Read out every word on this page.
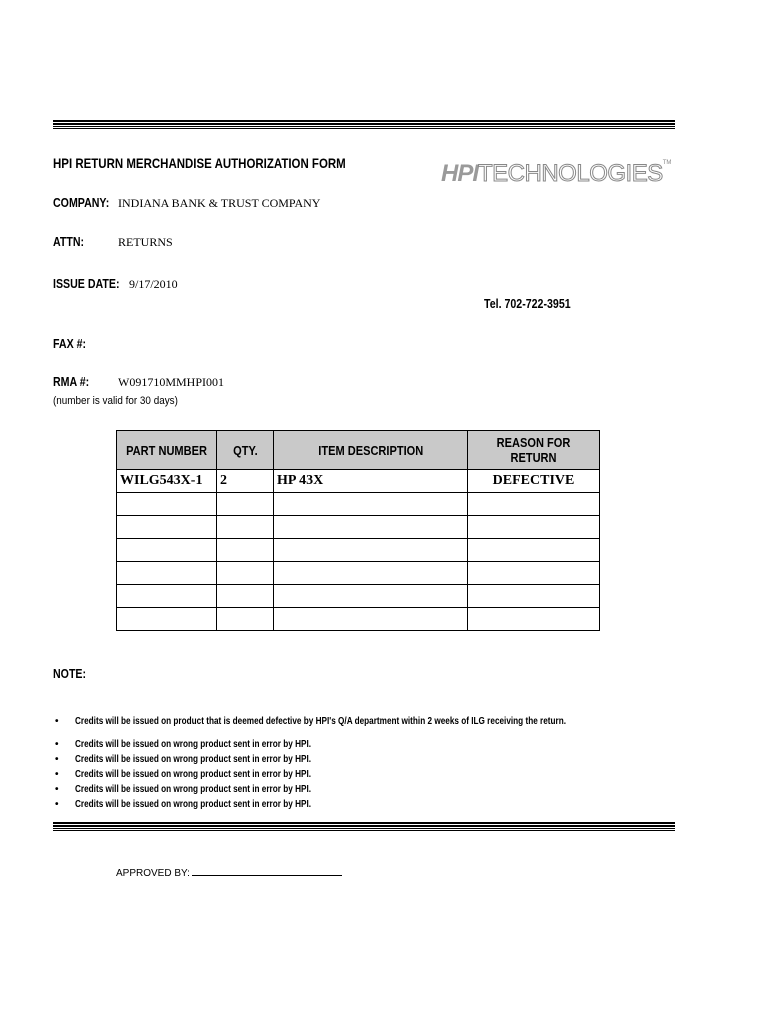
HPI RETURN MERCHANDISE AUTHORIZATION FORM	HPITECHNOLOGIES™
COMPANY: INDIANA BANK & TRUST COMPANY
ATTN:	RETURNS
ISSUE DATE: 9/17/2010
Tel. 702-722-3951
FAX #:
RMA #: W091710MMHPI001
(number is valid for 30 days)
PART NUMBER	QTY.	ITEM DESCRIPTION	REASON FOR RETURN
WILG543X-1	2	HP 43X	DEFECTIVE

NOTE:
• Credits will be issued on product that is deemed defective by HPI's Q/A department within 2 weeks of ILG receiving the return.
• Credits will be issued on wrong product sent in error by HPI.
• Credits will be issued on wrong product sent in error by HPI.
• Credits will be issued on wrong product sent in error by HPI.
• Credits will be issued on wrong product sent in error by HPI.
• Credits will be issued on wrong product sent in error by HPI.
APPROVED BY:
